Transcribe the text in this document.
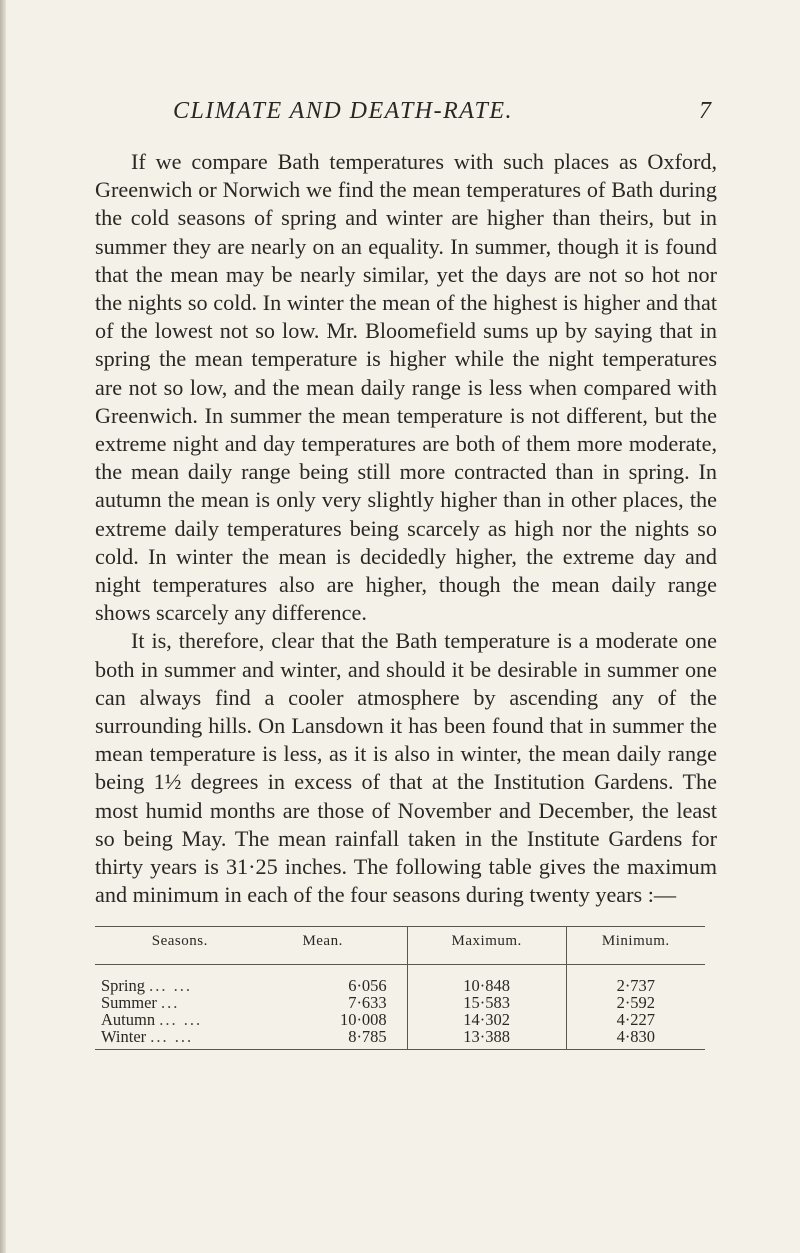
CLIMATE AND DEATH-RATE.	7

If we compare Bath temperatures with such places as Oxford, Greenwich or Norwich we find the mean temperatures of Bath during the cold seasons of spring and winter are higher than theirs, but in summer they are nearly on an equality. In summer, though it is found that the mean may be nearly similar, yet the days are not so hot nor the nights so cold. In winter the mean of the highest is higher and that of the lowest not so low. Mr. Bloomefield sums up by saying that in spring the mean temperature is higher while the night temperatures are not so low, and the mean daily range is less when compared with Greenwich. In summer the mean temperature is not different, but the extreme night and day temperatures are both of them more moderate, the mean daily range being still more contracted than in spring. In autumn the mean is only very slightly higher than in other places, the extreme daily temperatures being scarcely as high nor the nights so cold. In winter the mean is decidedly higher, the extreme day and night temperatures also are higher, though the mean daily range shows scarcely any difference.

It is, therefore, clear that the Bath temperature is a moderate one both in summer and winter, and should it be desirable in summer one can always find a cooler atmosphere by ascending any of the surrounding hills. On Lansdown it has been found that in summer the mean temperature is less, as it is also in winter, the mean daily range being 1½ degrees in excess of that at the Institution Gardens. The most humid months are those of November and December, the least so being May. The mean rainfall taken in the Institute Gardens for thirty years is 31·25 inches. The following table gives the maximum and minimum in each of the four seasons during twenty years :—

Seasons.	Mean.	Maximum.	Minimum.
Spring ... ...	6·056	10·848	2·737
Summer ...	7·633	15·583	2·592
Autumn ... ...	10·008	14·302	4·227
Winter ... ...	8·785	13·388	4·830
